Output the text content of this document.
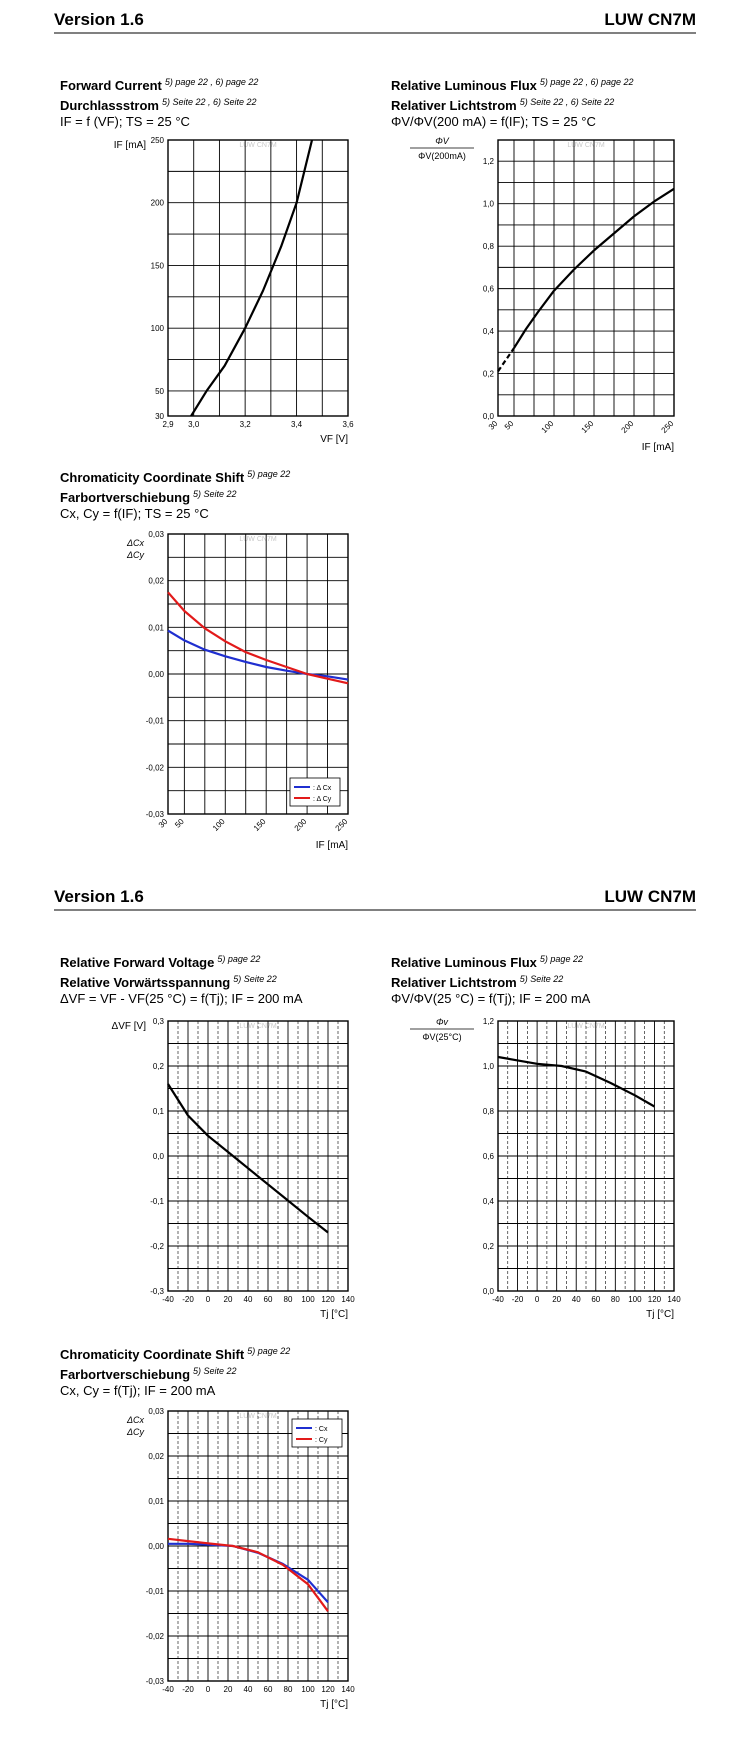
Version 1.6	LUW CN7M
Forward Current $^{5) page 22 , 6) page 22}$
Durchlassstrom $^{5) Seite 22 , 6) Seite 22}$
IF = f (VF); TS = 25 °C
LUW CN7M
30
50
100
150
200
250
2,9 3,0	3,2	3,4	3,6
VF [V]
IF [mA]
Relative Luminous Flux $^{5) page 22 , 6) page 22}$
Relativer Lichtstrom $^{5) Seite 22 , 6) Seite 22}$
ΦV/ΦV(200 mA) = f(IF); TS = 25 °C
LUW CN7M
0,0
0,2
0,4
0,6
0,8
1,0
1,2
30 50	100	150	200	250
IF [mA]
ΦV
ΦV(200mA)
Chromaticity Coordinate Shift $^{5) page 22}$
Farbortverschiebung $^{5) Seite 22}$
Cx, Cy = f(IF); TS = 25 °C
LUW CN7M
-0,03
-0,02
-0,01
0,00
0,01
0,02
0,03
30 50	100	150	200	250
IF [mA]
ΔCx
ΔCy
: Δ Cx
: Δ Cy
Version 1.6	LUW CN7M
Relative Forward Voltage $^{5) page 22}$
Relative Vorwärtsspannung $^{5) Seite 22}$
ΔVF = VF - VF(25 °C) = f(Tj); IF = 200 mA
LUW CN7M
-0,3
-0,2
-0,1
0,0
0,1
0,2
0,3
-40 -20 0 20 40 60 80 100 120 140
Tj [°C]
ΔVF [V]
Relative Luminous Flux $^{5) page 22}$
Relativer Lichtstrom $^{5) Seite 22}$
ΦV/ΦV(25 °C) = f(Tj); IF = 200 mA
LUW CN7M
0,0
0,2
0,4
0,6
0,8
1,0
1,2
-40 -20 0 20 40 60 80 100 120 140
Tj [°C]
Φv
ΦV(25°C)
Chromaticity Coordinate Shift $^{5) page 22}$
Farbortverschiebung $^{5) Seite 22}$
Cx, Cy = f(Tj); IF = 200 mA
LUW CN7M
-0,03
-0,02
-0,01
0,00
0,01
0,02
0,03
-40 -20 0 20 40 60 80 100 120 140
Tj [°C]
ΔCx
ΔCy	: Cx
: Cy
